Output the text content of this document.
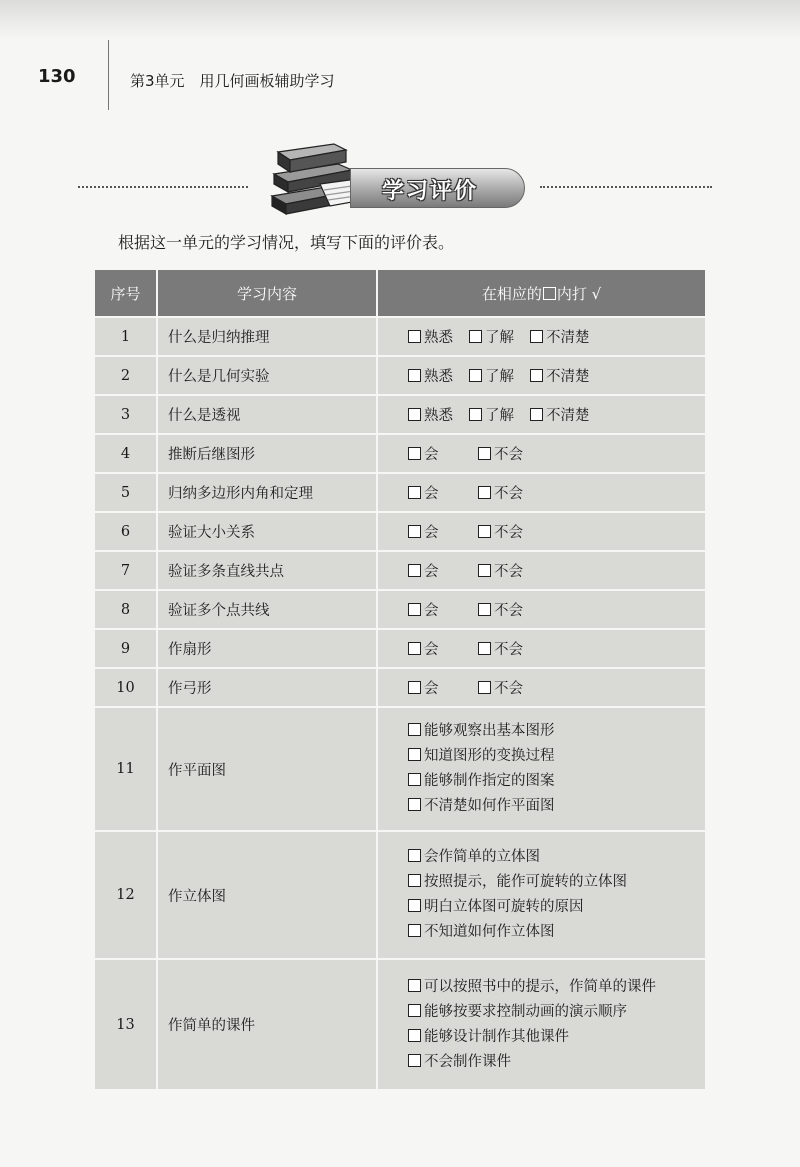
130	第3单元　用几何画板辅助学习
学习评价
根据这一单元的学习情况，填写下面的评价表。
序号	学习内容	在相应的 内打 √
1	什么是归纳推理	熟悉 了解 不清楚
2	什么是几何实验	熟悉 了解 不清楚
3	什么是透视	熟悉 了解 不清楚
4	推断后继图形	会 不会
5	归纳多边形内角和定理	会 不会
6	验证大小关系	会 不会
7	验证多条直线共点	会 不会
8	验证多个点共线	会 不会
9	作扇形	会 不会
10	作弓形	会 不会
11	作平面图	能够观察出基本图形
知道图形的变换过程
能够制作指定的图案
不清楚如何作平面图

12	作立体图	会作简单的立体图
按照提示，能作可旋转的立体图
明白立体图可旋转的原因
不知道如何作立体图

13	作简单的课件	可以按照书中的提示，作简单的课件
能够按要求控制动画的演示顺序
能够设计制作其他课件
不会制作课件
